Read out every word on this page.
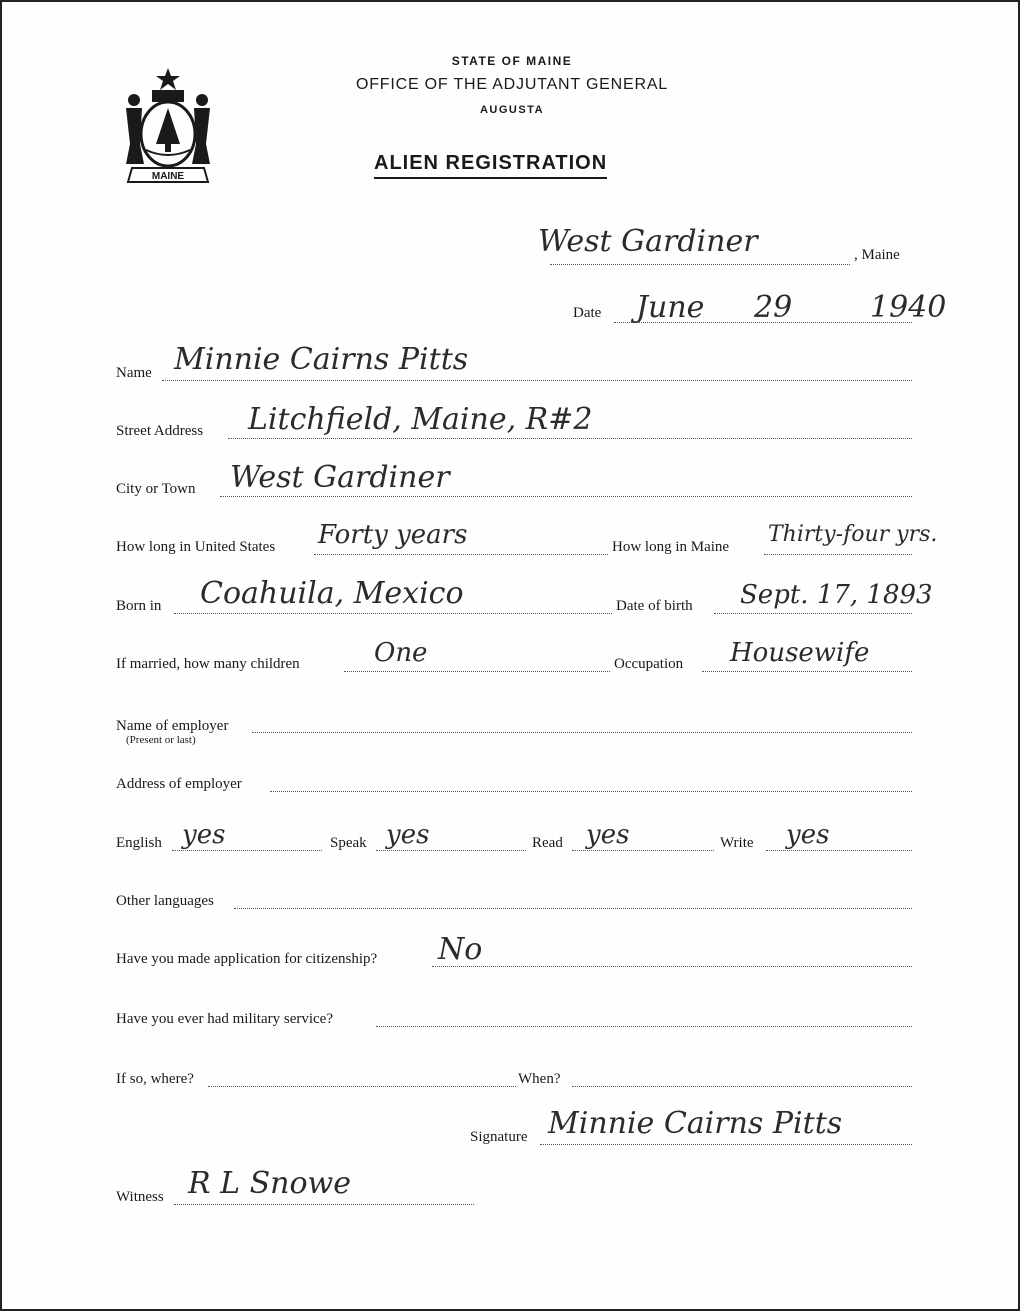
MAINE
STATE OF MAINE
OFFICE OF THE ADJUTANT GENERAL
AUGUSTA
ALIEN REGISTRATION
West Gardiner	, Maine
Date June 29	1940
Name Minnie Cairns Pitts
Street Address Litchfield, Maine, R#2
City or Town West Gardiner
How long in United States Forty years	How long in Maine Thirty-four yrs.
Born in Coahuila, Mexico	Date of birth Sept. 17, 1893
If married, how many children	One	Occupation Housewife
Name of employer
(Present or last)
Address of employer
English yes	Speak yes	Read yes	Write yes
Other languages
Have you made application for citizenship? No
Have you ever had military service?
If so, where?	When?
Signature Minnie Cairns Pitts
Witness R L Snowe
